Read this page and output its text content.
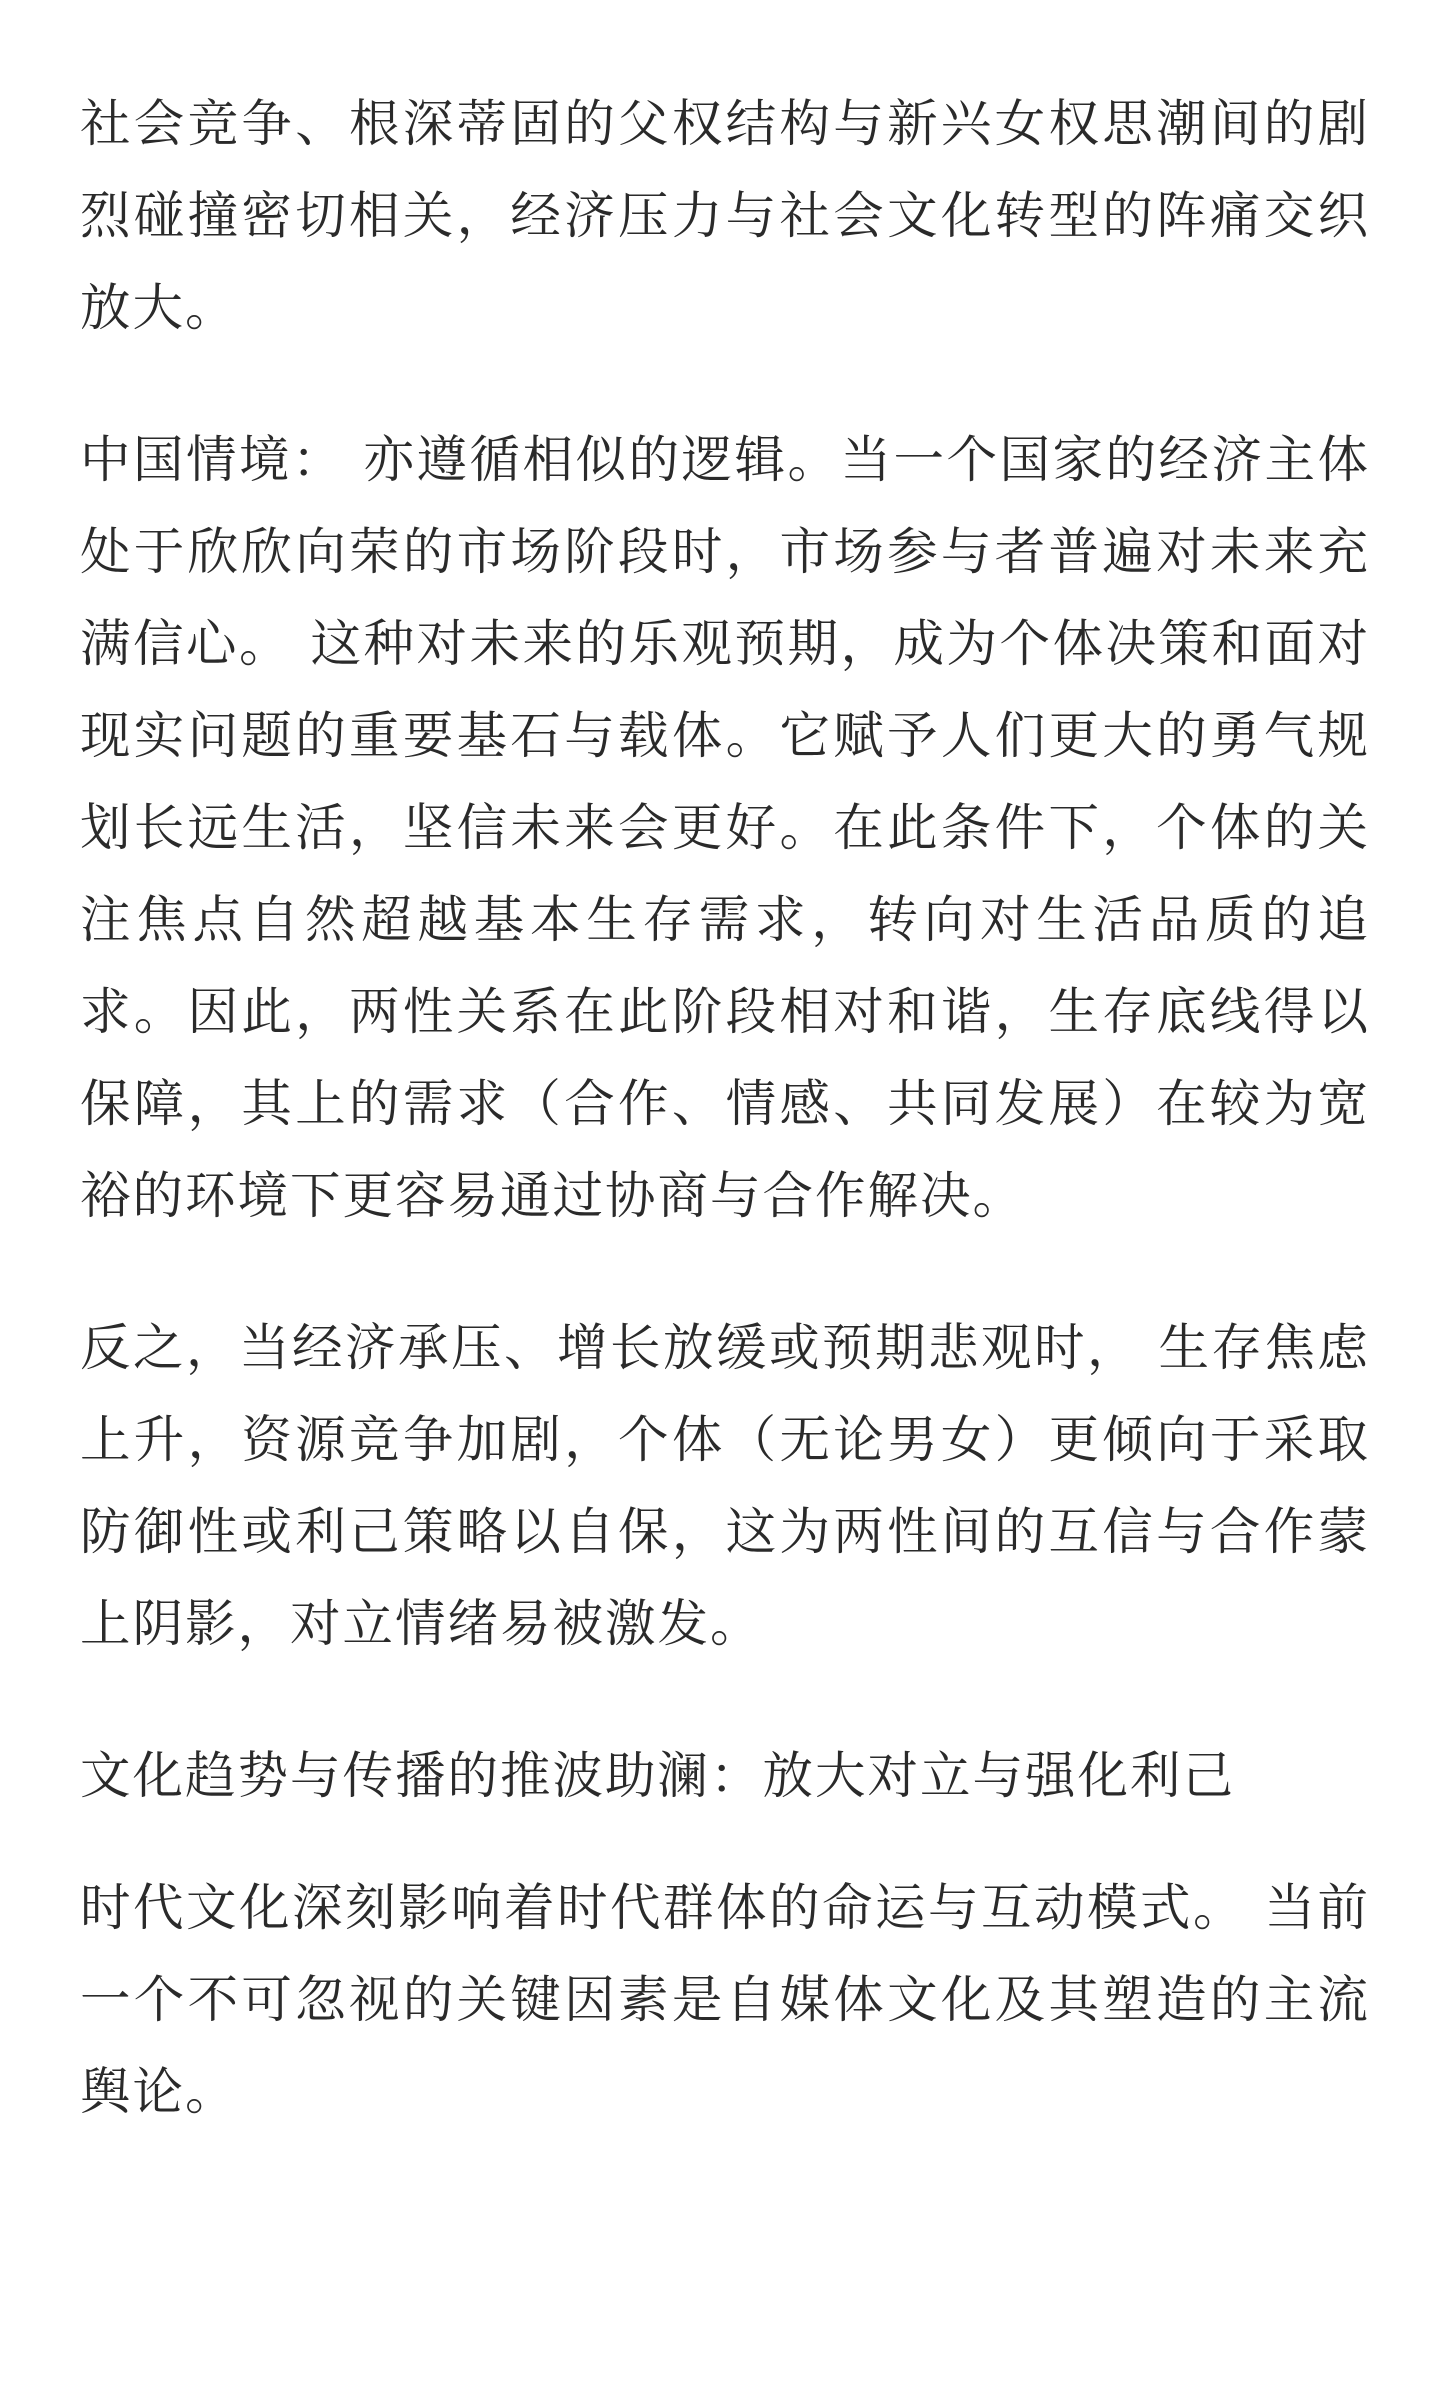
社会竞争、根深蒂固的父权结构与新兴女权思潮间的剧烈碰撞密切相关，经济压力与社会文化转型的阵痛交织放大。

中国情境： 亦遵循相似的逻辑。当一个国家的经济主体处于欣欣向荣的市场阶段时，市场参与者普遍对未来充满信心。 这种对未来的乐观预期，成为个体决策和面对现实问题的重要基石与载体。它赋予人们更大的勇气规划长远生活，坚信未来会更好。在此条件下，个体的关注焦点自然超越基本生存需求，转向对生活品质的追求。因此，两性关系在此阶段相对和谐，生存底线得以保障，其上的需求（合作、情感、共同发展）在较为宽裕的环境下更容易通过协商与合作解决。

反之，当经济承压、增长放缓或预期悲观时， 生存焦虑上升，资源竞争加剧，个体（无论男女）更倾向于采取防御性或利己策略以自保，这为两性间的互信与合作蒙上阴影，对立情绪易被激发。

文化趋势与传播的推波助澜：放大对立与强化利己

时代文化深刻影响着时代群体的命运与互动模式。 当前一个不可忽视的关键因素是自媒体文化及其塑造的主流舆论。
